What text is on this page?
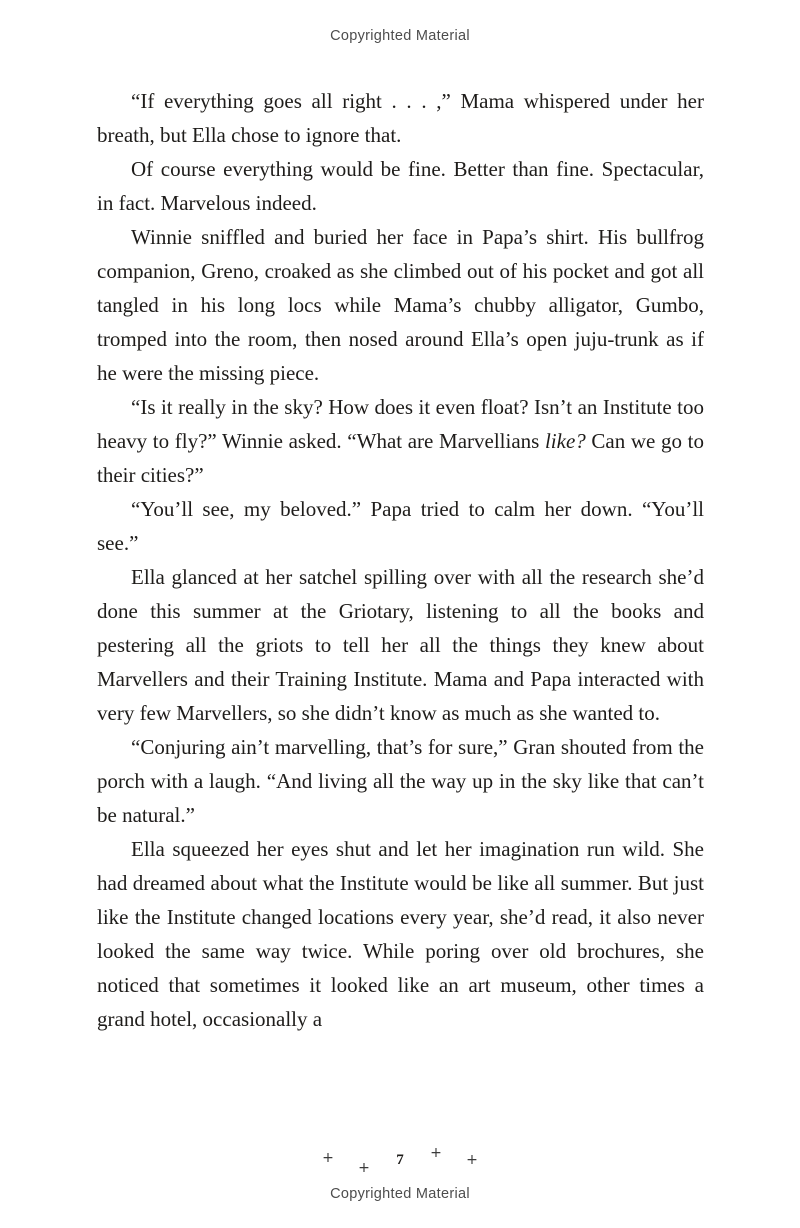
Copyrighted Material

“If everything goes all right . . . ,” Mama whispered under her breath, but Ella chose to ignore that.

Of course everything would be fine. Better than fine. Spectacular, in fact. Marvelous indeed.

Winnie sniffled and buried her face in Papa’s shirt. His bullfrog companion, Greno, croaked as she climbed out of his pocket and got all tangled in his long locs while Mama’s chubby alligator, Gumbo, tromped into the room, then nosed around Ella’s open juju-trunk as if he were the missing piece.

“Is it really in the sky? How does it even float? Isn’t an Institute too heavy to fly?” Winnie asked. “What are Marvellians like? Can we go to their cities?”

“You’ll see, my beloved.” Papa tried to calm her down. “You’ll see.”

Ella glanced at her satchel spilling over with all the research she’d done this summer at the Griotary, listening to all the books and pestering all the griots to tell her all the things they knew about Marvellers and their Training Institute. Mama and Papa interacted with very few Marvellers, so she didn’t know as much as she wanted to.

“Conjuring ain’t marvelling, that’s for sure,” Gran shouted from the porch with a laugh. “And living all the way up in the sky like that can’t be natural.”

Ella squeezed her eyes shut and let her imagination run wild. She had dreamed about what the Institute would be like all summer. But just like the Institute changed locations every year, she’d read, it also never looked the same way twice. While poring over old brochures, she noticed that sometimes it looked like an art museum, other times a grand hotel, occasionally a

+
+
7	+	+
Copyrighted Material
